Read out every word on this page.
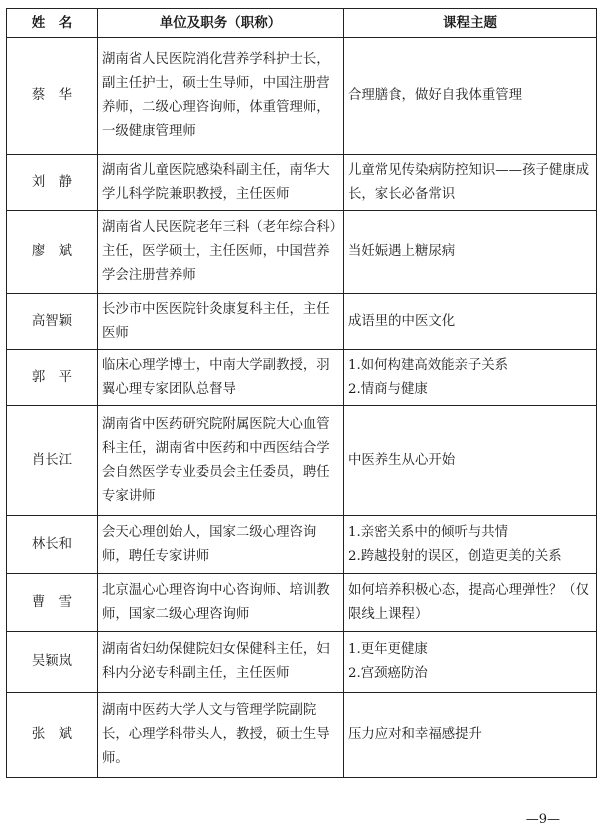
姓　名	单位及职务（职称）	课程主题
蔡　华	湖南省人民医院消化营养学科护士长，副主任护士，硕士生导师，中国注册营养师，二级心理咨询师，体重管理师，一级健康管理师	合理膳食，做好自我体重管理

刘　静	湖南省儿童医院感染科副主任，南华大学儿科学院兼职教授，主任医师	儿童常见传染病防控知识——孩子健康成长，家长必备常识

廖　斌	湖南省人民医院老年三科（老年综合科）主任，医学硕士，主任医师，中国营养学会注册营养师	当妊娠遇上糖尿病

高智颖	长沙市中医医院针灸康复科主任，主任医师	成语里的中医文化

郭　平	临床心理学博士，中南大学副教授，羽翼心理专家团队总督导	1.如何构建高效能亲子关系
2.情商与健康

肖长江	湖南省中医药研究院附属医院大心血管科主任，湖南省中医药和中西医结合学会自然医学专业委员会主任委员，聘任专家讲师	中医养生从心开始

林长和	会天心理创始人，国家二级心理咨询师，聘任专家讲师	1.亲密关系中的倾听与共情
2.跨越投射的误区，创造更美的关系

曹　雪	北京温心心理咨询中心咨询师、培训教师，国家二级心理咨询师	如何培养积极心态，提高心理弹性？（仅限线上课程）

吴颖岚	湖南省妇幼保健院妇女保健科主任，妇科内分泌专科副主任，主任医师	1.更年更健康
2.宫颈癌防治

张　斌	湖南中医药大学人文与管理学院副院长，心理学科带头人，教授，硕士生导师。	压力应对和幸福感提升
—9—
